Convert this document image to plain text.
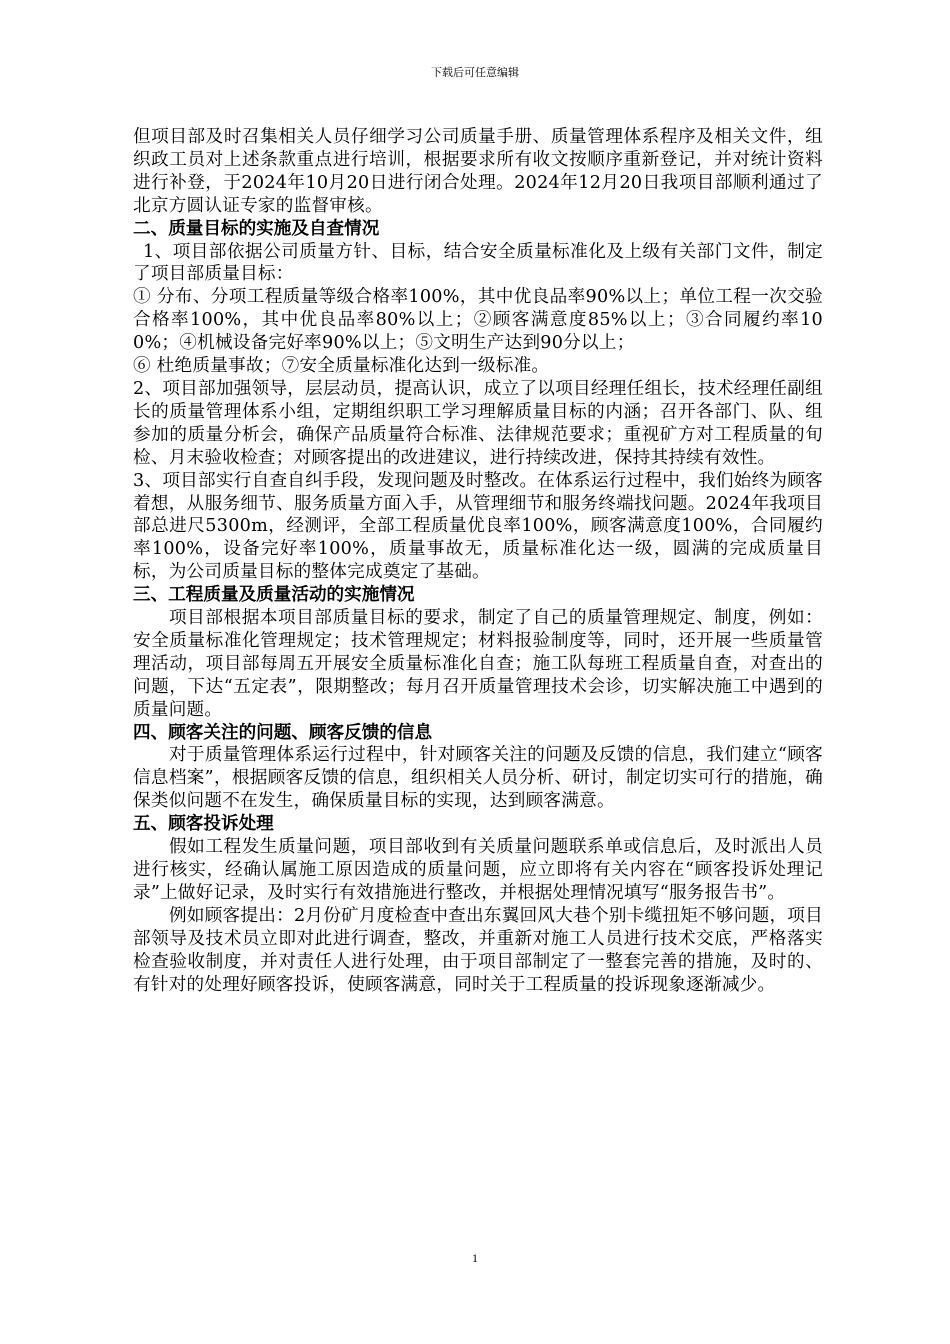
下载后可任意编辑

但项目部及时召集相关人员仔细学习公司质量手册、质量管理体系程序及相关文件，组织政工员对上述条款重点进行培训，根据要求所有收文按顺序重新登记，并对统计资料进行补登，于2024年10月20日进行闭合处理。2024年12月20日我项目部顺利通过了北京方圆认证专家的监督审核。

二、质量目标的实施及自查情况

1、项目部依据公司质量方针、目标，结合安全质量标准化及上级有关部门文件，制定了项目部质量目标：

① 分布、分项工程质量等级合格率100%，其中优良品率90%以上；单位工程一次交验合格率100%，其中优良品率80%以上；②顾客满意度85%以上；③合同履约率100%；④机械设备完好率90%以上；⑤文明生产达到90分以上；

⑥ 杜绝质量事故；⑦安全质量标准化达到一级标准。

2、项目部加强领导，层层动员，提高认识，成立了以项目经理任组长，技术经理任副组长的质量管理体系小组，定期组织职工学习理解质量目标的内涵；召开各部门、队、组参加的质量分析会，确保产品质量符合标准、法律规范要求；重视矿方对工程质量的旬检、月末验收检查；对顾客提出的改进建议，进行持续改进，保持其持续有效性。

3、项目部实行自查自纠手段，发现问题及时整改。在体系运行过程中，我们始终为顾客着想，从服务细节、服务质量方面入手，从管理细节和服务终端找问题。2024年我项目部总进尺5300m，经测评，全部工程质量优良率100%，顾客满意度100%，合同履约率100%，设备完好率100%，质量事故无，质量标准化达一级，圆满的完成质量目标，为公司质量目标的整体完成奠定了基础。

三、工程质量及质量活动的实施情况

项目部根据本项目部质量目标的要求，制定了自己的质量管理规定、制度，例如：安全质量标准化管理规定；技术管理规定；材料报验制度等，同时，还开展一些质量管理活动，项目部每周五开展安全质量标准化自查；施工队每班工程质量自查，对查出的问题，下达“五定表”，限期整改；每月召开质量管理技术会诊，切实解决施工中遇到的质量问题。

四、顾客关注的问题、顾客反馈的信息

对于质量管理体系运行过程中，针对顾客关注的问题及反馈的信息，我们建立“顾客信息档案”，根据顾客反馈的信息，组织相关人员分析、研讨，制定切实可行的措施，确保类似问题不在发生，确保质量目标的实现，达到顾客满意。

五、顾客投诉处理

假如工程发生质量问题，项目部收到有关质量问题联系单或信息后，及时派出人员进行核实，经确认属施工原因造成的质量问题，应立即将有关内容在“顾客投诉处理记录”上做好记录，及时实行有效措施进行整改，并根据处理情况填写“服务报告书”。

例如顾客提出：2月份矿月度检查中查出东翼回风大巷个别卡缆扭矩不够问题，项目部领导及技术员立即对此进行调查，整改，并重新对施工人员进行技术交底，严格落实检查验收制度，并对责任人进行处理，由于项目部制定了一整套完善的措施，及时的、有针对的处理好顾客投诉，使顾客满意，同时关于工程质量的投诉现象逐渐减少。

1
